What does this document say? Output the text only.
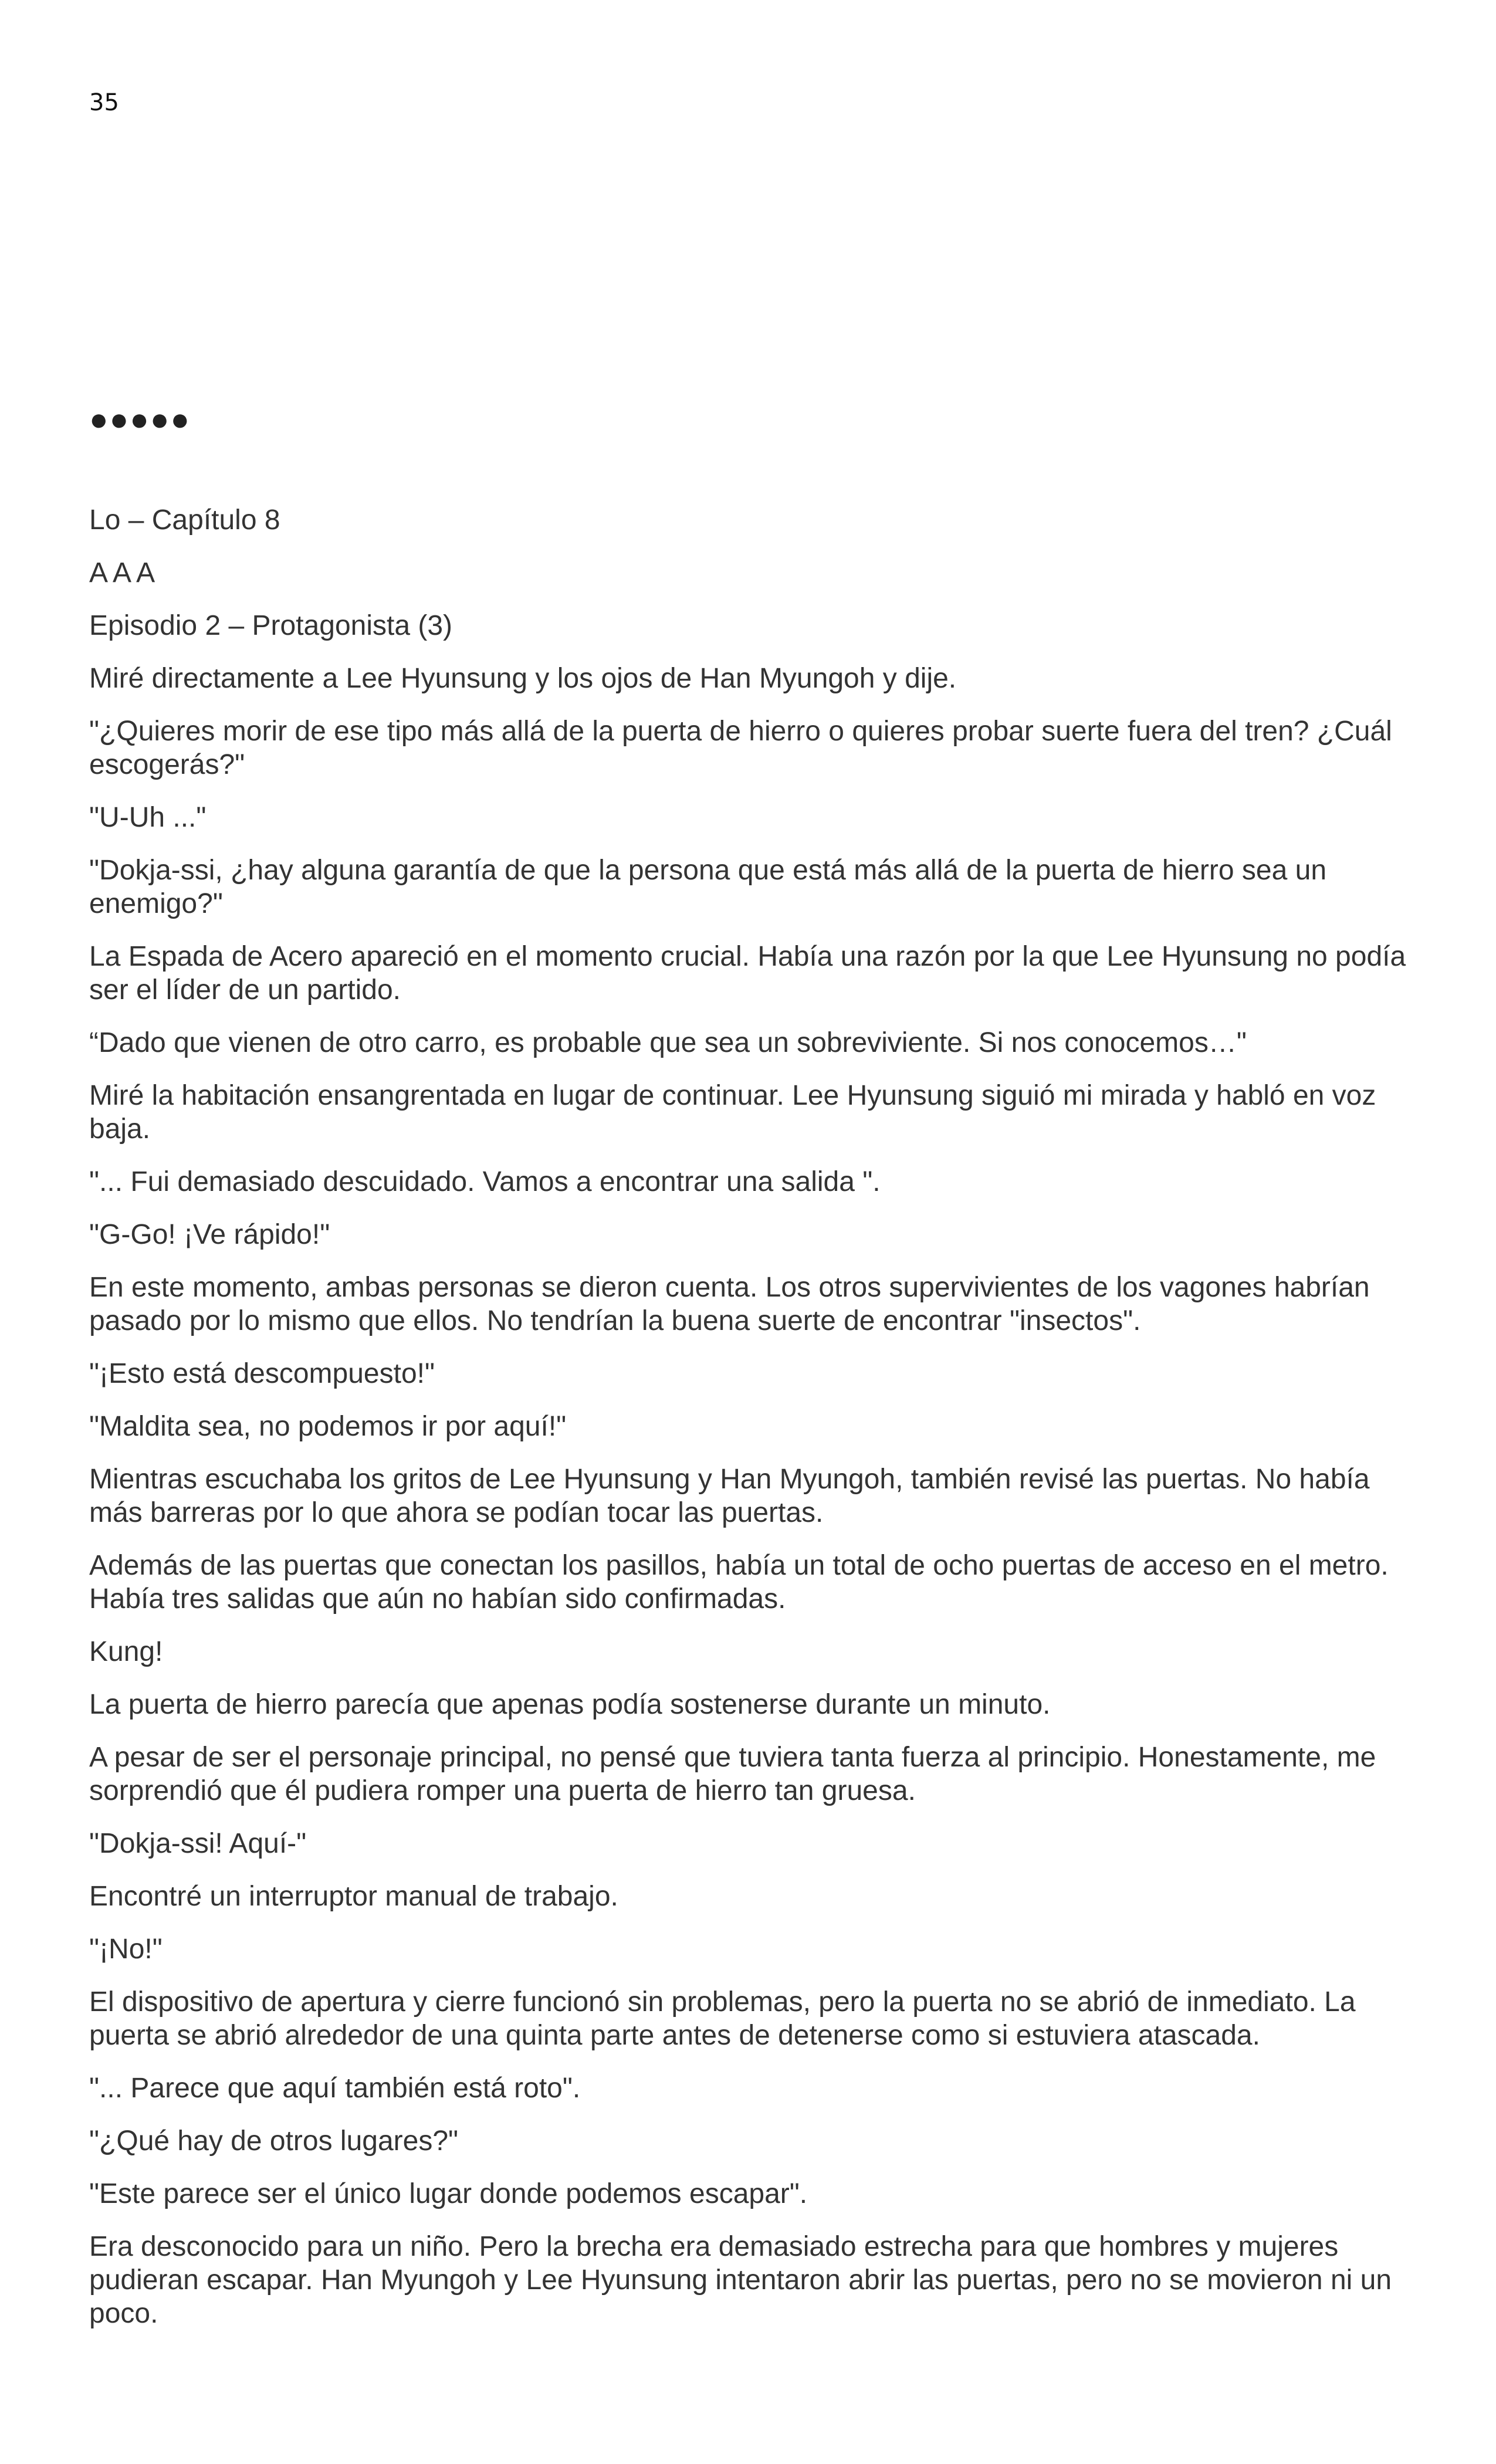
35

●●●●●

Lo – Capítulo 8

A A A

Episodio 2 – Protagonista (3)

Miré directamente a Lee Hyunsung y los ojos de Han Myungoh y dije.

"¿Quieres morir de ese tipo más allá de la puerta de hierro o quieres probar suerte fuera del tren? ¿Cuál escogerás?"

"U-Uh ..."

"Dokja-ssi, ¿hay alguna garantía de que la persona que está más allá de la puerta de hierro sea un enemigo?"

La Espada de Acero apareció en el momento crucial. Había una razón por la que Lee Hyunsung no podía ser el líder de un partido.

“Dado que vienen de otro carro, es probable que sea un sobreviviente. Si nos conocemos…"

Miré la habitación ensangrentada en lugar de continuar. Lee Hyunsung siguió mi mirada y habló en voz baja.

"... Fui demasiado descuidado. Vamos a encontrar una salida ".

"G-Go! ¡Ve rápido!"

En este momento, ambas personas se dieron cuenta. Los otros supervivientes de los vagones habrían pasado por lo mismo que ellos. No tendrían la buena suerte de encontrar "insectos".

"¡Esto está descompuesto!"

"Maldita sea, no podemos ir por aquí!"

Mientras escuchaba los gritos de Lee Hyunsung y Han Myungoh, también revisé las puertas. No había más barreras por lo que ahora se podían tocar las puertas.

Además de las puertas que conectan los pasillos, había un total de ocho puertas de acceso en el metro. Había tres salidas que aún no habían sido confirmadas.

Kung!

La puerta de hierro parecía que apenas podía sostenerse durante un minuto.

A pesar de ser el personaje principal, no pensé que tuviera tanta fuerza al principio. Honestamente, me sorprendió que él pudiera romper una puerta de hierro tan gruesa.

"Dokja-ssi! Aquí-"

Encontré un interruptor manual de trabajo.

"¡No!"

El dispositivo de apertura y cierre funcionó sin problemas, pero la puerta no se abrió de inmediato. La puerta se abrió alrededor de una quinta parte antes de detenerse como si estuviera atascada.

"... Parece que aquí también está roto".

"¿Qué hay de otros lugares?"

"Este parece ser el único lugar donde podemos escapar".

Era desconocido para un niño. Pero la brecha era demasiado estrecha para que hombres y mujeres pudieran escapar. Han Myungoh y Lee Hyunsung intentaron abrir las puertas, pero no se movieron ni un poco.
